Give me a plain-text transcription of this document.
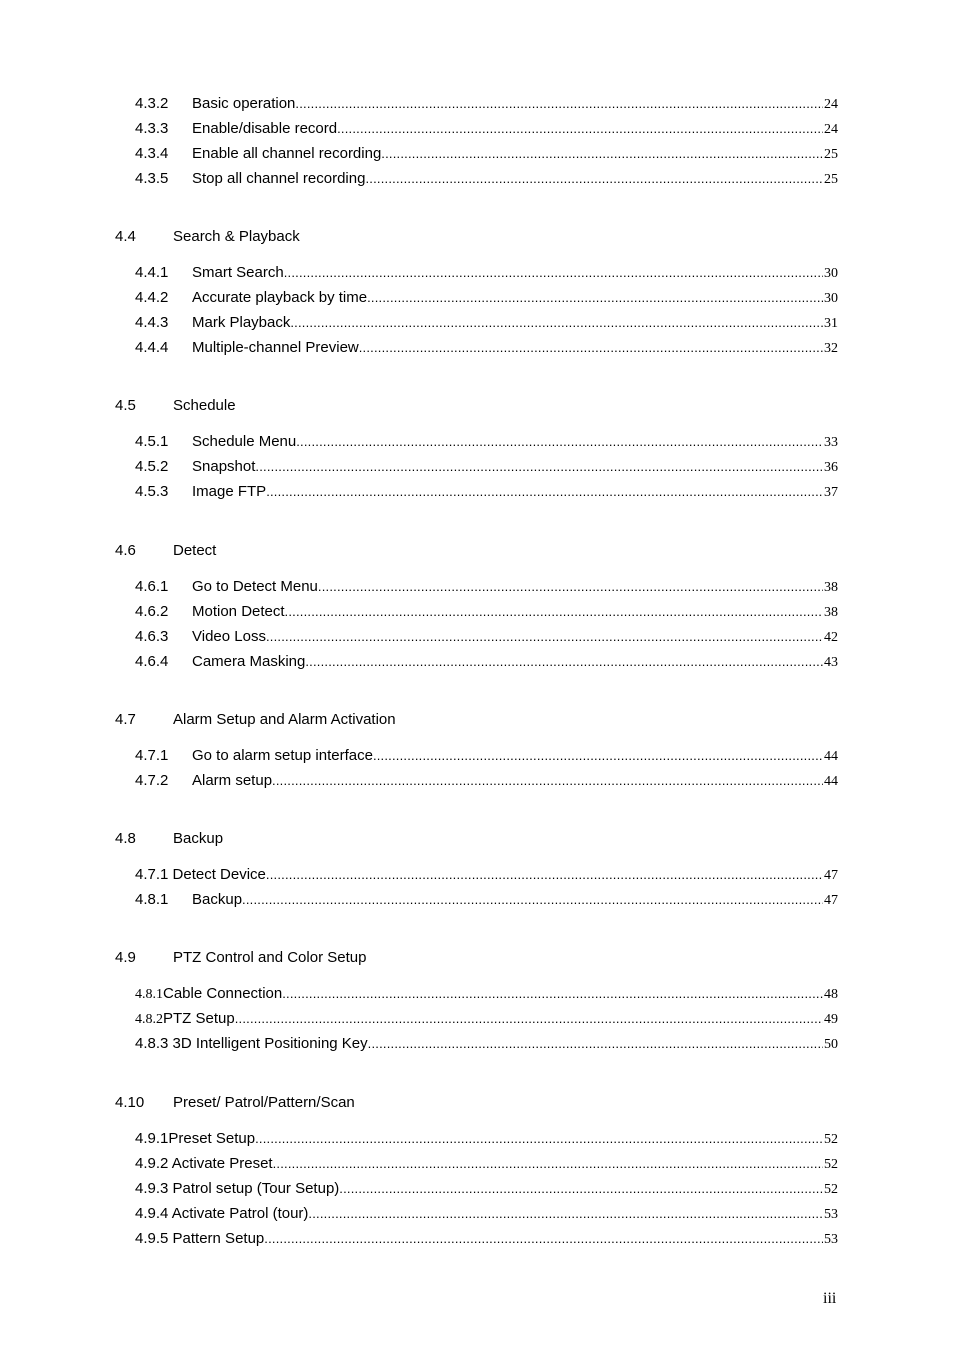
4.3.2 Basic operation .....	24
4.3.3 Enable/disable record .....	24
4.3.4 Enable all channel recording .....	25
4.3.5 Stop all channel recording .....	25
4.4 Search & Playback
4.4.1 Smart Search .....	30
4.4.2 Accurate playback by time .....	30
4.4.3 Mark Playback .....	31
4.4.4 Multiple-channel Preview .....	32
4.5 Schedule
4.5.1 Schedule Menu .....	33
4.5.2 Snapshot .....	36
4.5.3 Image FTP .....	37
4.6 Detect
4.6.1 Go to Detect Menu .....	38
4.6.2 Motion Detect .....	38
4.6.3 Video Loss .....	42
4.6.4 Camera Masking .....	43
4.7 Alarm Setup and Alarm Activation
4.7.1 Go to alarm setup interface .....	44
4.7.2 Alarm setup .....	44
4.8 Backup
4.7.1 Detect Device .....	47
4.8.1 Backup .....	47
4.9 PTZ Control and Color Setup
4.8.1 Cable Connection .....	48
4.8.2 PTZ Setup .....	49
4.8.3 3D Intelligent Positioning Key .....	50
4.10 Preset/ Patrol/Pattern/Scan
4.9.1Preset Setup .....	52
4.9.2 Activate Preset .....	52
4.9.3 Patrol setup (Tour Setup) .....	52
4.9.4 Activate Patrol (tour) .....	53
4.9.5 Pattern Setup .....	53
iii
